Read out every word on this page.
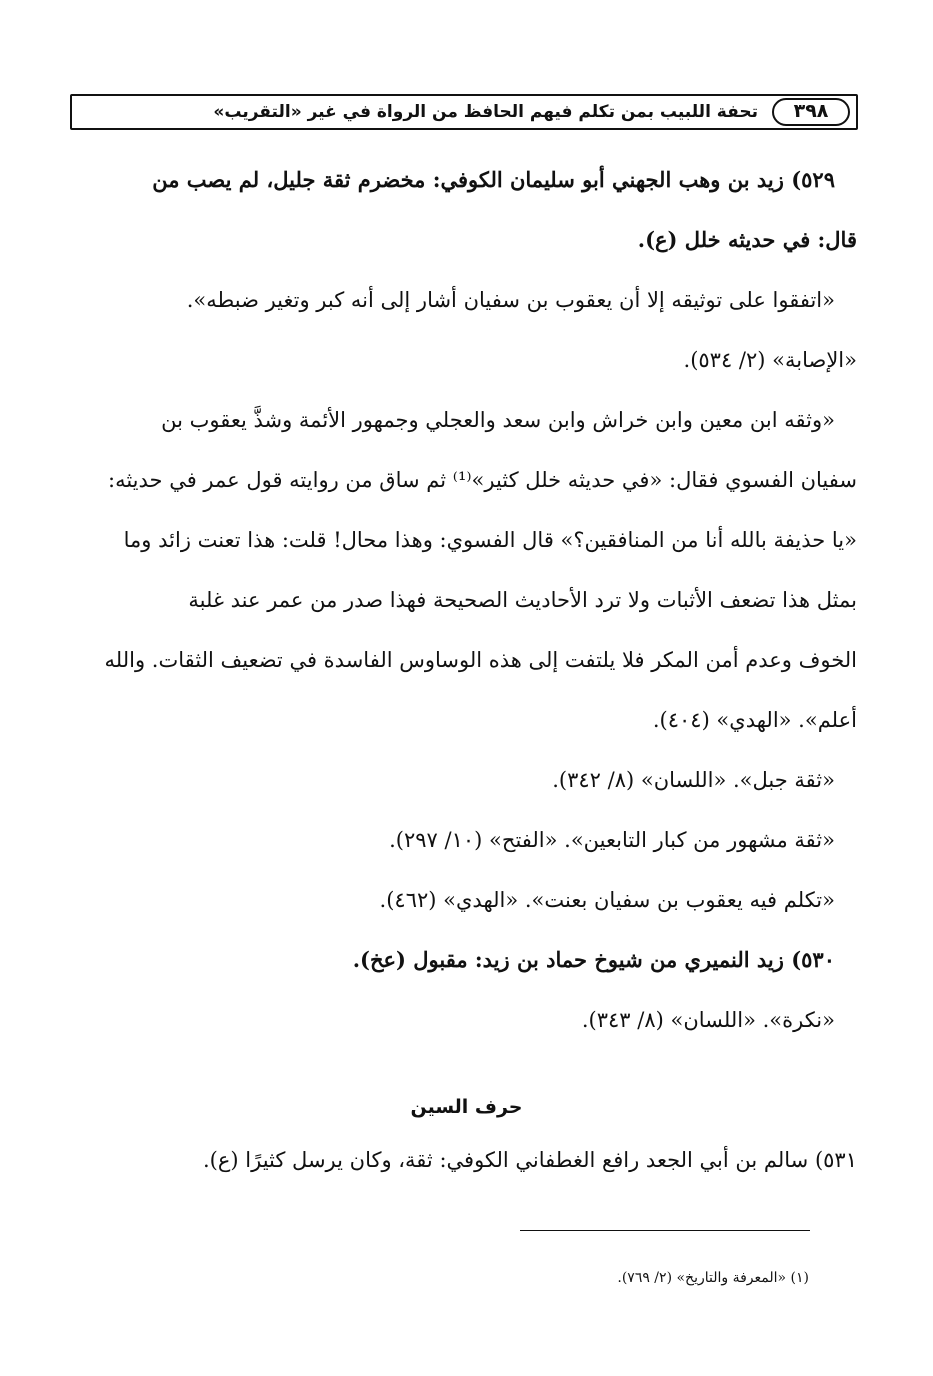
٣٩٨
تحفة اللبيب بمن تكلم فيهم الحافظ من الرواة في غير «التقريب»
٥٢٩) زيد بن وهب الجهني أبو سليمان الكوفي: مخضرم ثقة جليل، لم يصب من
قال: في حديثه خلل (ع).
«اتفقوا على توثيقه إلا أن يعقوب بن سفيان أشار إلى أنه كبر وتغير ضبطه».
«الإصابة» (٢/ ٥٣٤).
«وثقه ابن معين وابن خراش وابن سعد والعجلي وجمهور الأئمة وشذَّ يعقوب بن
سفيان الفسوي فقال: «في حديثه خلل كثير»⁽¹⁾ ثم ساق من روايته قول عمر في حديثه:
«يا حذيفة بالله أنا من المنافقين؟» قال الفسوي: وهذا محال! قلت: هذا تعنت زائد وما
بمثل هذا تضعف الأثبات ولا ترد الأحاديث الصحيحة فهذا صدر من عمر عند غلبة
الخوف وعدم أمن المكر فلا يلتفت إلى هذه الوساوس الفاسدة في تضعيف الثقات. والله
أعلم». «الهدي» (٤٠٤).
«ثقة جبل». «اللسان» (٨/ ٣٤٢).
«ثقة مشهور من كبار التابعين». «الفتح» (١٠/ ٢٩٧).
«تكلم فيه يعقوب بن سفيان بعنت». «الهدي» (٤٦٢).
٥٣٠) زيد النميري من شيوخ حماد بن زيد: مقبول (عخ).
«نكرة». «اللسان» (٨/ ٣٤٣).
حرف السين
٥٣١) سالم بن أبي الجعد رافع الغطفاني الكوفي: ثقة، وكان يرسل كثيرًا (ع).
(١) «المعرفة والتاريخ» (٢/ ٧٦٩).
